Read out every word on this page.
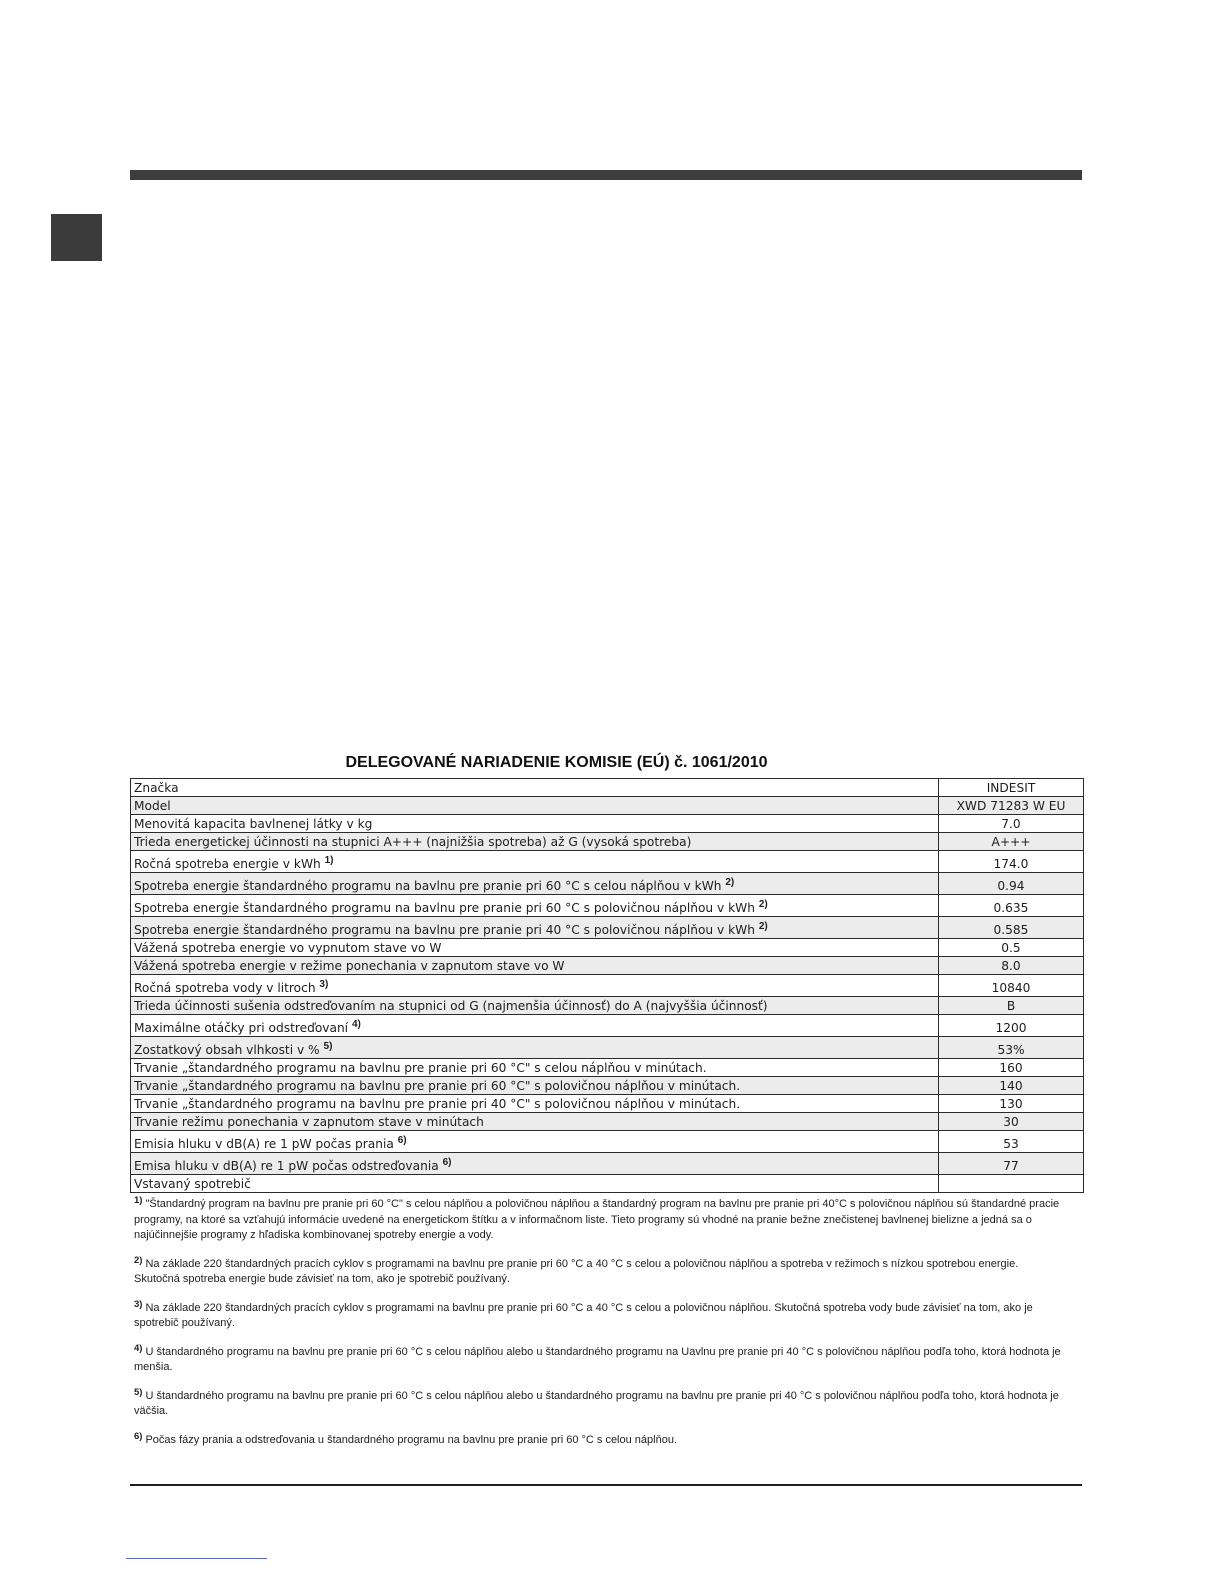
DELEGOVANÉ NARIADENIE KOMISIE (EÚ) č. 1061/2010
Značka	INDESIT
Model	XWD 71283 W EU
Menovitá kapacita bavlnenej látky v kg	7.0
Trieda energetickej účinnosti na stupnici A+++ (najnižšia spotreba) až G (vysoká spotreba)	A+++
Ročná spotreba energie v kWh $^{1)}$	174.0
Spotreba energie štandardného programu na bavlnu pre pranie pri 60 °C s celou náplňou v kWh $^{2)}$	0.94
Spotreba energie štandardného programu na bavlnu pre pranie pri 60 °C s polovičnou náplňou v kWh $^{2)}$	0.635
Spotreba energie štandardného programu na bavlnu pre pranie pri 40 °C s polovičnou náplňou v kWh $^{2)}$	0.585
Vážená spotreba energie vo vypnutom stave vo W	0.5
Vážená spotreba energie v režime ponechania v zapnutom stave vo W	8.0
Ročná spotreba vody v litroch $^{3)}$	10840
Trieda účinnosti sušenia odstreďovaním na stupnici od G (najmenšia účinnosť) do A (najvyššia účinnosť)	B
Maximálne otáčky pri odstreďovaní $^{4)}$	1200
Zostatkový obsah vlhkosti v % $^{5)}$	53%
Trvanie „štandardného programu na bavlnu pre pranie pri 60 °C" s celou náplňou v minútach.	160
Trvanie „štandardného programu na bavlnu pre pranie pri 60 °C" s polovičnou náplňou v minútach.	140
Trvanie „štandardného programu na bavlnu pre pranie pri 40 °C" s polovičnou náplňou v minútach.	130
Trvanie režimu ponechania v zapnutom stave v minútach	30
Emisia hluku v dB(A) re 1 pW počas prania $^{6)}$	53
Emisa hluku v dB(A) re 1 pW počas odstreďovania $^{6)}$	77
Vstavaný spotrebič	

$^{1)}$ "Štandardný program na bavlnu pre pranie pri 60 °C" s celou náplňou a polovičnou náplňou a štandardný program na bavlnu pre pranie pri 40°C s polovičnou náplňou sú štandardné pracie programy, na ktoré sa vzťahujú informácie uvedené na energetickom štítku a v informačnom liste. Tieto programy sú vhodné na pranie bežne znečistenej bavlnenej bielizne a jedná sa o najúčinnejšie programy z hľadiska kombinovanej spotreby energie a vody.

$^{2)}$ Na základe 220 štandardných pracích cyklov s programami na bavlnu pre pranie pri 60 °C a 40 °C s celou a polovičnou náplňou a spotreba v režimoch s nízkou spotrebou energie. Skutočná spotreba energie bude závisieť na tom, ako je spotrebič používaný.

$^{3)}$ Na základe 220 štandardných pracích cyklov s programami na bavlnu pre pranie pri 60 °C a 40 °C s celou a polovičnou náplňou. Skutočná spotreba vody bude závisieť na tom, ako je spotrebič používaný.

$^{4)}$ U štandardného programu na bavlnu pre pranie pri 60 °C s celou náplňou alebo u štandardného programu na Uavlnu pre pranie pri 40 °C s polovičnou náplňou podľa toho, ktorá hodnota je menšia.

$^{5)}$ U štandardného programu na bavlnu pre pranie pri 60 °C s celou náplňou alebo u štandardného programu na bavlnu pre pranie pri 40 °C s polovičnou náplňou podľa toho, ktorá hodnota je väčšia.

$^{6)}$ Počas fázy prania a odstreďovania u štandardného programu na bavlnu pre pranie pri 60 °C s celou náplňou.
